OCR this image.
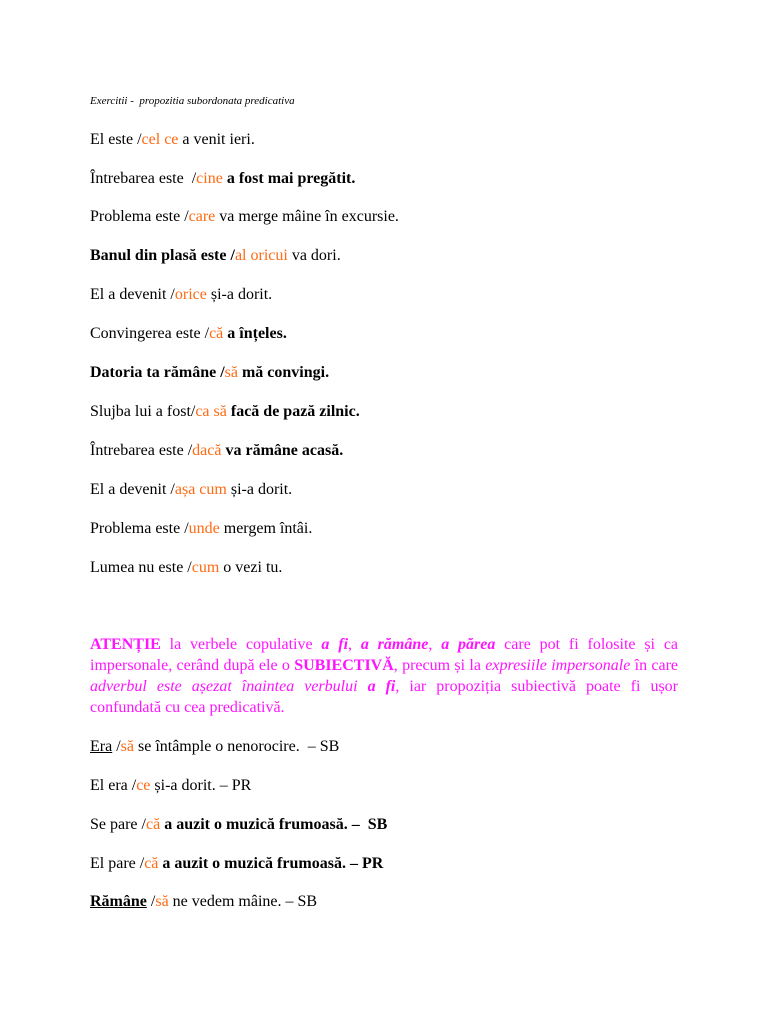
Exercitii -  propozitia subordonata predicativa
El este /cel ce a venit ieri.
Întrebarea este  /cine a fost mai pregătit.
Problema este /care va merge mâine în excursie.
Banul din plasă este /al oricui va dori.
El a devenit /orice și-a dorit.
Convingerea este /că a înțeles.
Datoria ta rămâne /să mă convingi.
Slujba lui a fost/ca să facă de pază zilnic.
Întrebarea este /dacă va rămâne acasă.
El a devenit /așa cum și-a dorit.
Problema este /unde mergem întâi.
Lumea nu este /cum o vezi tu.
ATENȚIE la verbele copulative a fi, a rămâne, a părea care pot fi folosite și ca impersonale, cerând după ele o SUBIECTIVĂ, precum și la expresiile impersonale în care adverbul este așezat înaintea verbului a fi, iar propoziția subiectivă poate fi ușor confundată cu cea predicativă.
Era /să se întâmple o nenorocire.  – SB
El era /ce și-a dorit. – PR
Se pare /că a auzit o muzică frumoasă. –  SB
El pare /că a auzit o muzică frumoasă. – PR
Rămâne /să ne vedem mâine. – SB
